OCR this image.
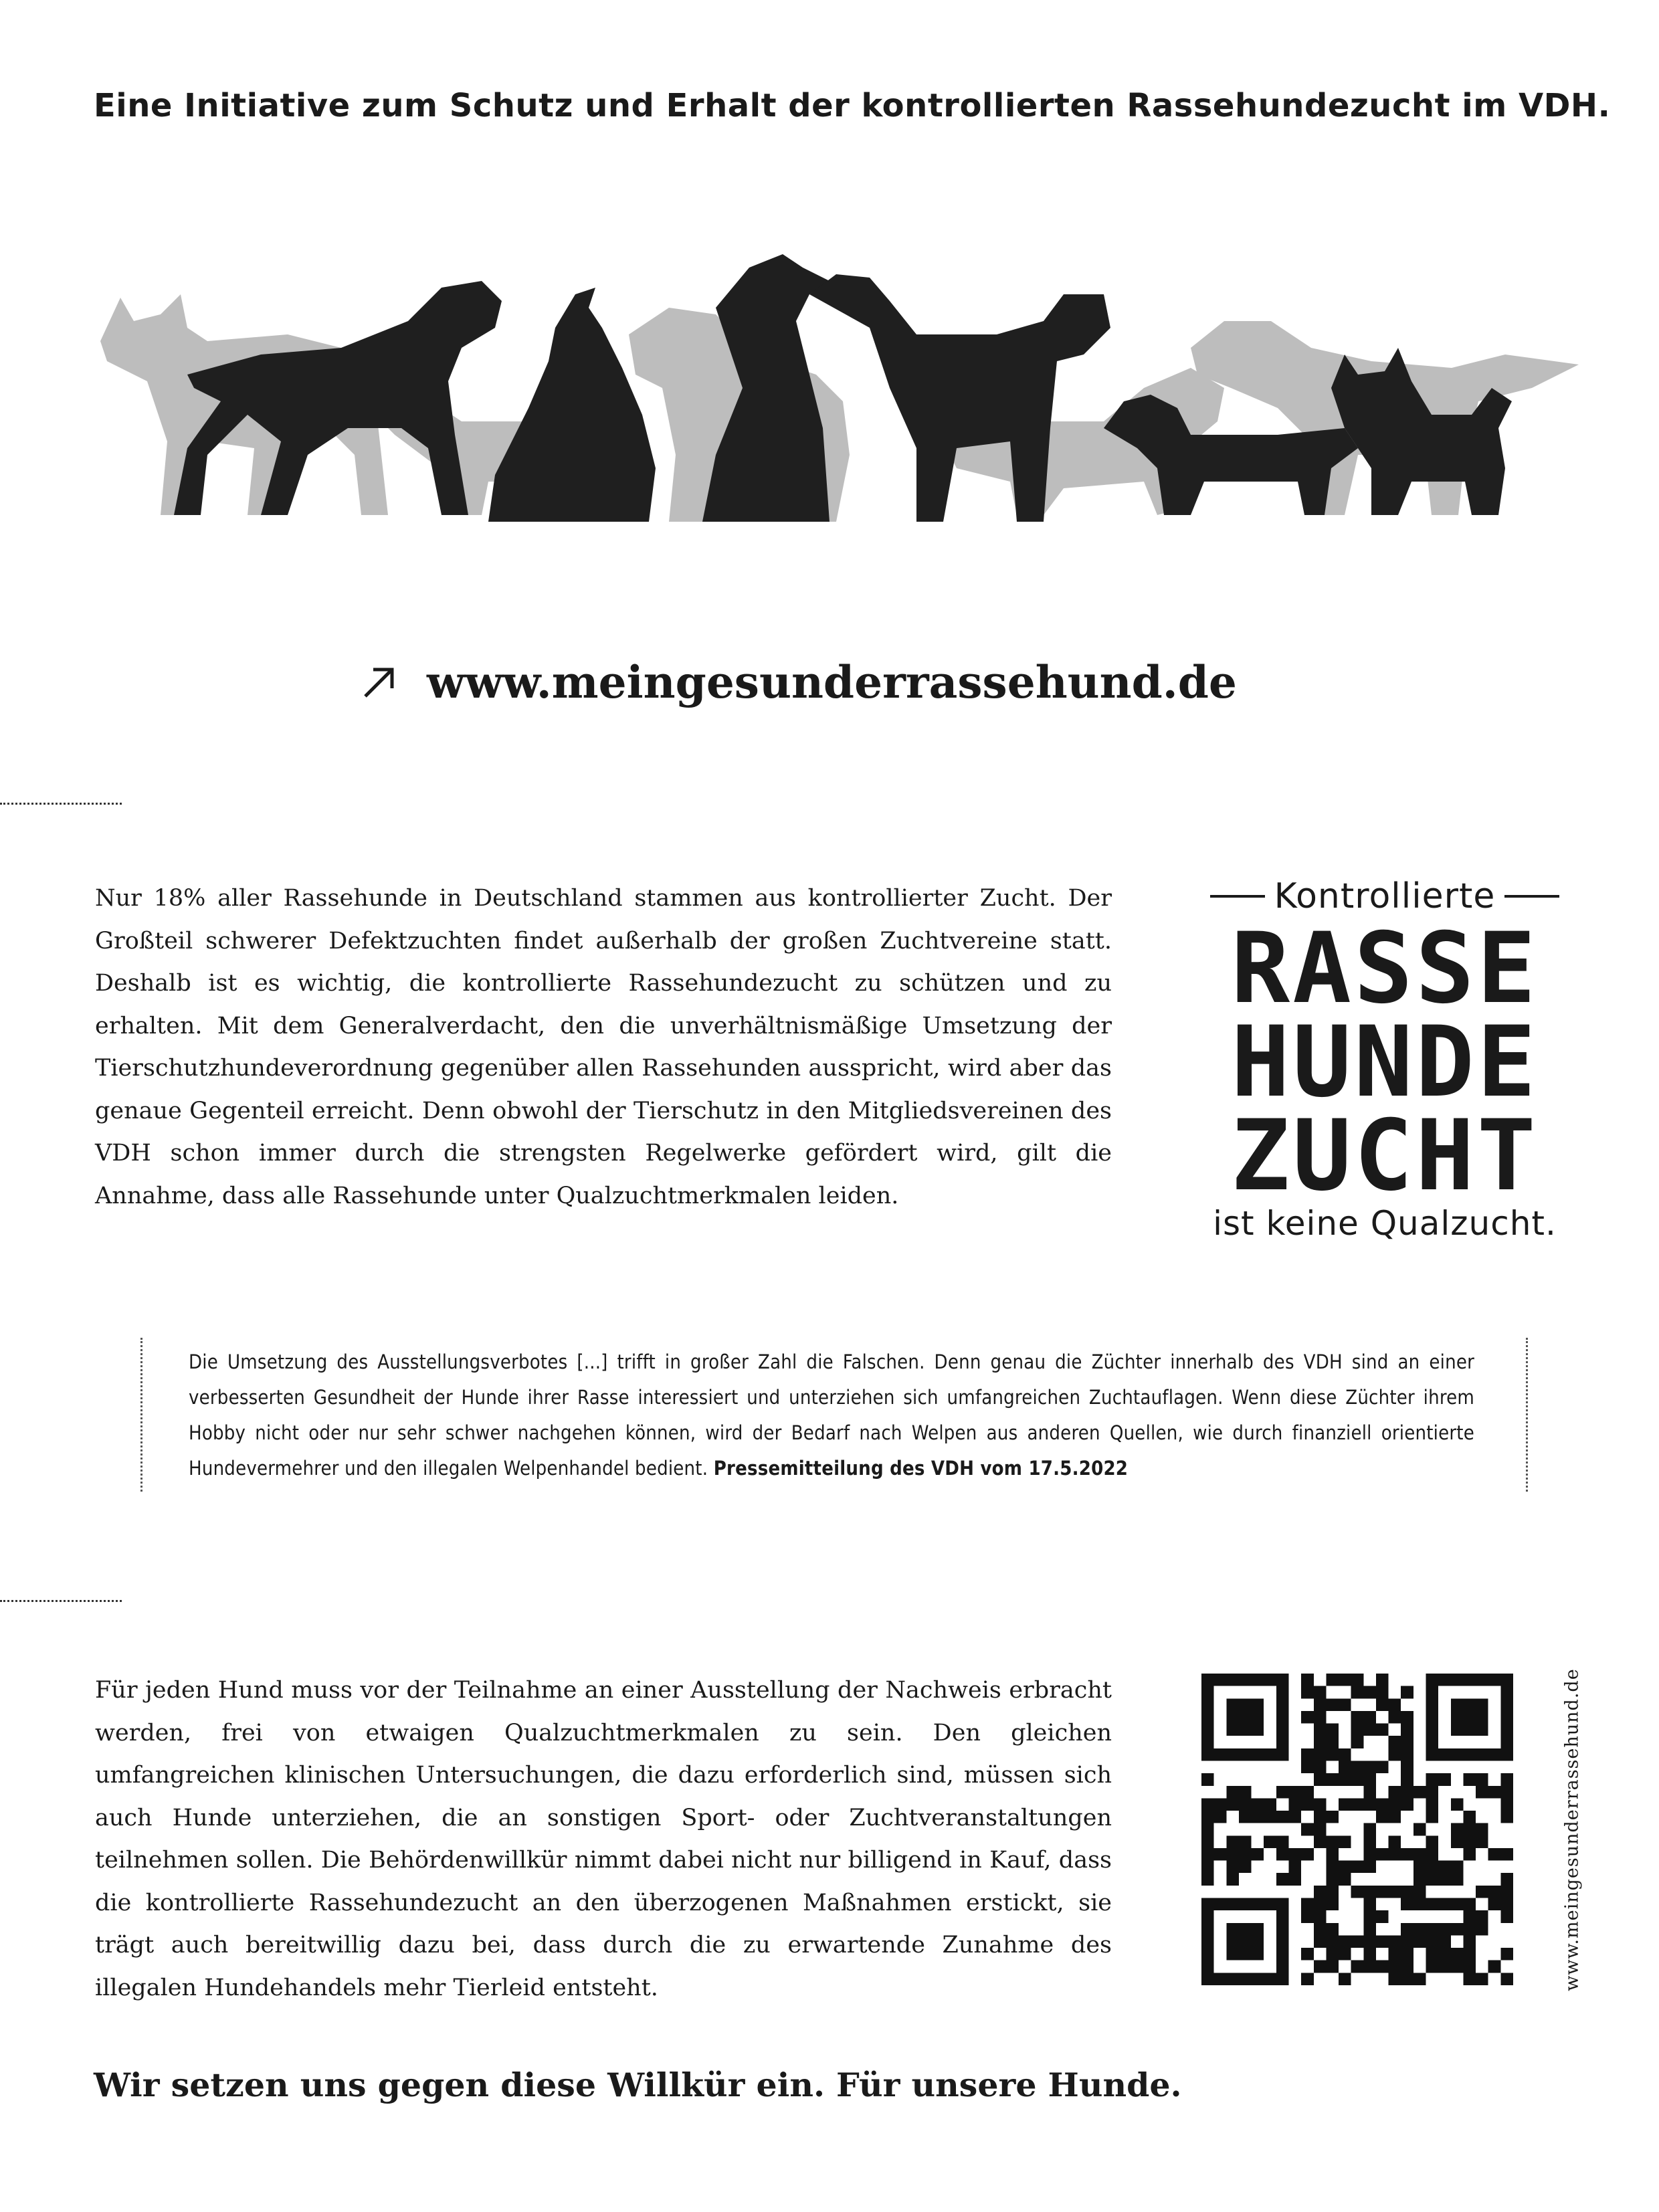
Eine Initiative zum Schutz und Erhalt der kontrollierten Rassehundezucht im VDH.
www.meingesunderrassehund.de
Nur 18% aller Rassehunde in Deutschland stammen aus kontrollierter Zucht. Der Großteil schwerer Defektzuchten findet außerhalb der großen Zuchtvereine statt. Deshalb ist es wichtig, die kontrollierte Rassehundezucht zu schützen und zu erhalten. Mit dem Generalverdacht, den die unverhältnismäßige Umsetzung der Tierschutzhundeverordnung gegenüber allen Rassehunden ausspricht, wird aber das genaue Gegenteil erreicht. Denn obwohl der Tierschutz in den Mitgliedsvereinen des VDH schon immer durch die strengsten Regelwerke gefördert wird, gilt die Annahme, dass alle Rassehunde unter Qualzuchtmerkmalen leiden.
Kontrollierte
RASSE
HUNDE
ZUCHT
ist keine Qualzucht.
Die Umsetzung des Ausstellungsverbotes [...] trifft in großer Zahl die Falschen. Denn genau die Züchter innerhalb des VDH sind an einer verbesserten Gesundheit der Hunde ihrer Rasse interessiert und unterziehen sich umfangreichen Zuchtauflagen. Wenn diese Züchter ihrem Hobby nicht oder nur sehr schwer nachgehen können, wird der Bedarf nach Welpen aus anderen Quellen, wie durch finanziell orientierte Hundevermehrer und den illegalen Welpenhandel bedient. Pressemitteilung des VDH vom 17.5.2022
Für jeden Hund muss vor der Teilnahme an einer Ausstellung der Nachweis erbracht werden, frei von etwaigen Qualzuchtmerkmalen zu sein. Den gleichen umfangreichen klinischen Untersuchungen, die dazu erforderlich sind, müssen sich auch Hunde unterziehen, die an sonstigen Sport- oder Zuchtveranstaltungen teilnehmen sollen. Die Behördenwillkür nimmt dabei nicht nur billigend in Kauf, dass die kontrollierte Rassehundezucht an den überzogenen Maßnahmen erstickt, sie trägt auch bereitwillig dazu bei, dass durch die zu erwartende Zunahme des illegalen Hundehandels mehr Tierleid entsteht.	www.meingesunderrassehund.de
Wir setzen uns gegen diese Willkür ein. Für unsere Hunde.
